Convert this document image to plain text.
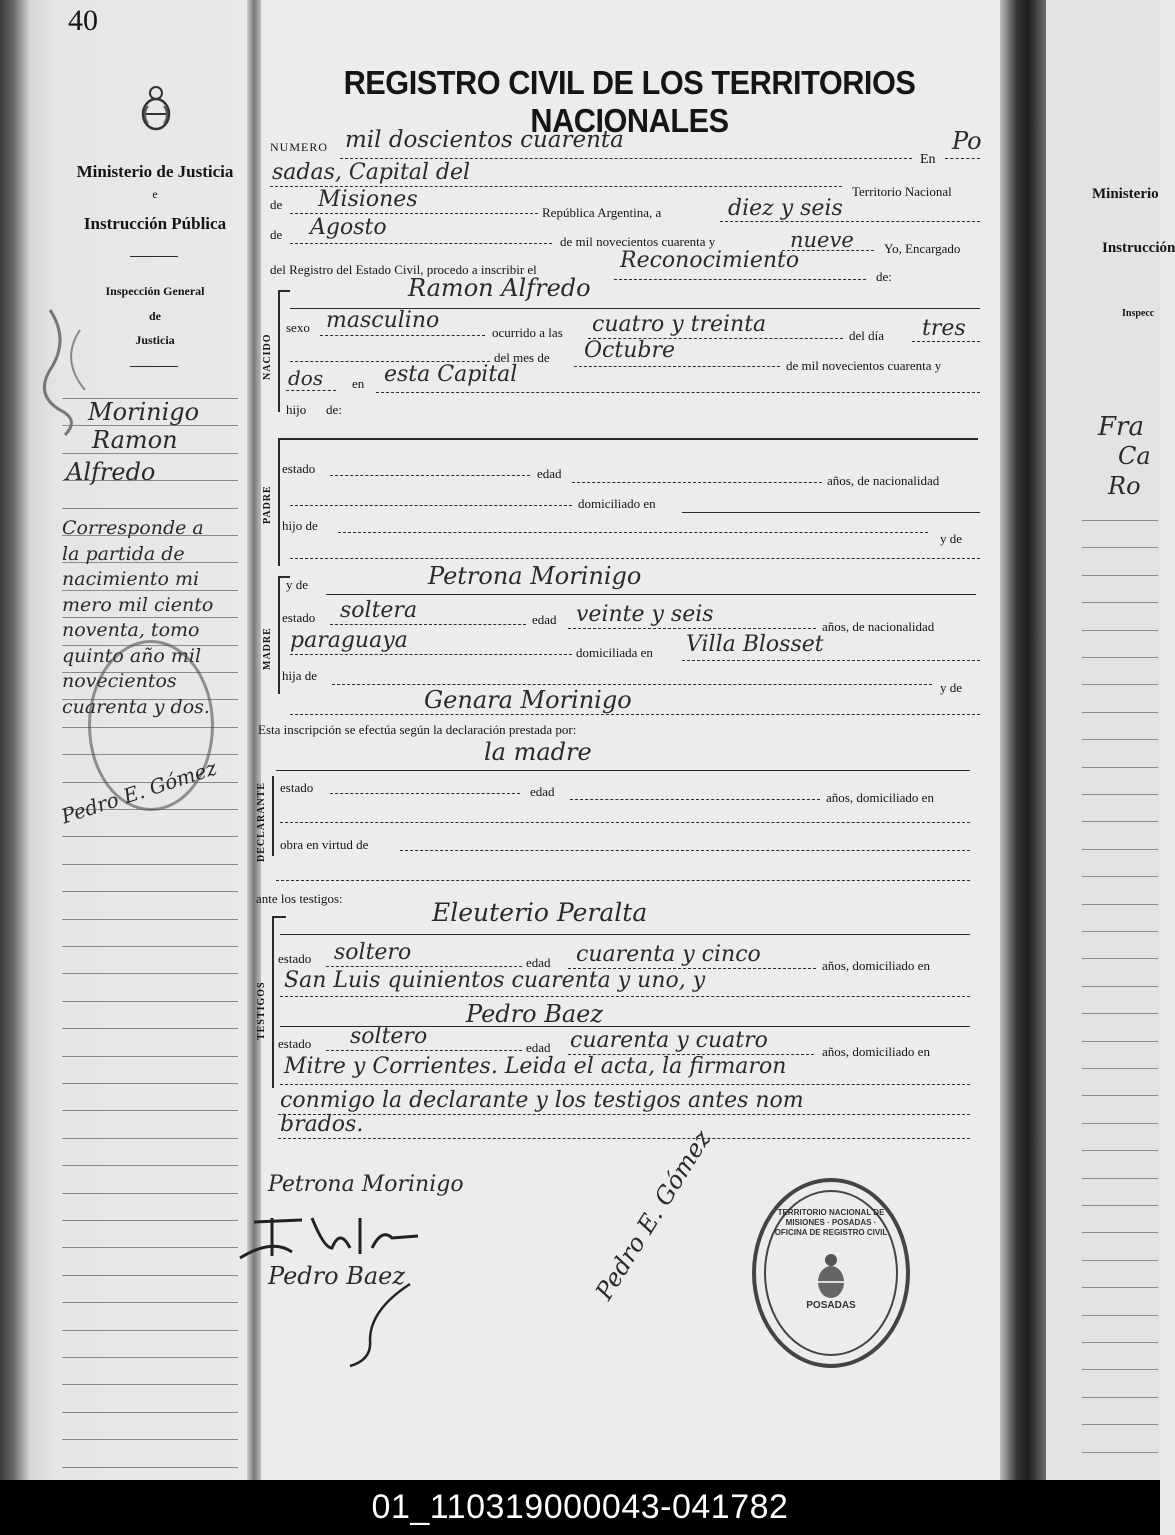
40
Ministerio de Justicia
e
Instrucción Pública
Inspección General
de
Justicia
Morinigo
Ramon
Alfredo
Corresponde a
la partida de
nacimiento mi
mero mil ciento
noventa, tomo
quinto año mil
novecientos
cuarenta y dos.
Pedro E. Gómez
REGISTRO CIVIL DE LOS TERRITORIOS NACIONALES
NUMERO mil doscientos cuarenta
En
Po
sadas, Capital del
Territorio Nacional
de Misiones
República Argentina, a	diez y seis
de Agosto
de mil novecientos cuarenta y	nueve Yo, Encargado
del Registro del Estado Civil, procedo a inscribir el	Reconocimiento
de:
NACIDO
Ramon Alfredo
sexo masculino	ocurrido a las cuatro y treinta	del día tres
del mes de Octubre
de mil novecientos cuarenta y
dos en esta Capital
hijo de:
PADRE
estado	edad	años, de nacionalidad
domiciliado en
hijo de
y de
MADRE
y de	Petrona Morinigo
estado soltera	edad veinte y seis	años, de nacionalidad
paraguaya	domiciliada en Villa Blosset
hija de
y de
Genara Morinigo
Esta inscripción se efectúa según la declaración prestada por:
DECLARANTE
la madre
estado	edad	años, domiciliado en
obra en virtud de
ante los testigos:
TESTIGOS
Eleuterio Peralta
estado soltero	edad cuarenta y cinco	años, domiciliado en
San Luis quinientos cuarenta y uno, y
Pedro Baez
estado soltero	edad cuarenta y cuatro	años, domiciliado en
Mitre y Corrientes. Leida el acta, la firmaron
conmigo la declarante y los testigos antes nom
brados.
Petrona Morinigo
Pedro Baez	Pedro E. Gómez	TERRITORIO NACIONAL DE MISIONES · POSADAS · OFICINA DE REGISTRO CIVIL
POSADAS
Ministerio
Instrucción
Inspecc
Fra
Ca
Ro
01_110319000043-041782
